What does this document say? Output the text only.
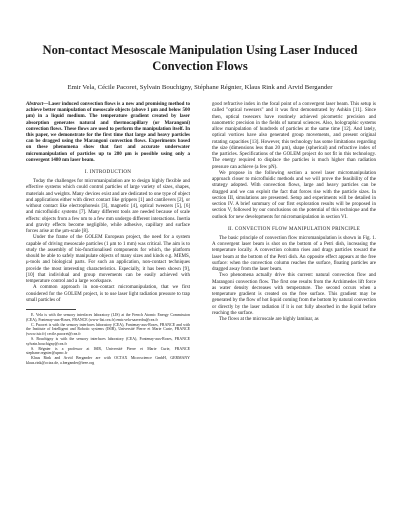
Non-contact Mesoscale Manipulation Using Laser Induced Convection Flows
Emir Vela, Cécile Pacoret, Sylvain Bouchigny, Stéphane Régnier, Klaus Rink and Arvid Bergander

Abstract—Laser induced convection flows is a new and promising method to achieve better manipulation of mesoscale objects (above 1 μm and below 500 μm) in a liquid medium. The temperature gradient created by laser absorption generates natural and thermocapillary (or Marangoni) convection flows. These flows are used to perform the manipulation itself. In this paper, we demonstrate for the first time that large and heavy particles can be dragged using the Marangoni convection flows. Experiments based on these phenomena show that fast and accurate underwater micromanipulation of particles up to 280 μm is possible using only a convergent 1480 nm laser beam.

I. INTRODUCTION

Today the challenges for micromanipulation are to design highly flexible and effective systems which could control particles of large variety of sizes, shapes, materials and weights. Many devices exist and are dedicated to one type of object and applications either with direct contact like grippers [1] and cantilevers [2], or without contact like electrophoresis [3], magnetic [4], optical tweezers [5], [6] and microfluidic systems [7]. Many different tools are needed because of scale effects: objects from a few nm to a few mm undergo different interactions. Inertia and gravity effects become negligible, while adhesive, capillary and surface forces arise at the μm-scale [8].

Under the frame of the GOLEM European project, the need for a system capable of driving mesoscale particles (1 μm to 1 mm) was critical. The aim is to study the assembly of bio-functionalised components for which, the platform should be able to safely manipulate objects of many sizes and kinds e.g. MEMS, μ-tools and biological parts. For such an application, non-contact techniques provide the most interesting characteristics. Especially, it has been shown [9], [10] that individual and group movements can be easily achieved with temperature control and a large workspace.

A common approach in non-contact micromanipulation, that we first considered for the GOLEM project, is to use laser light radiation pressure to trap small particles of

E. Vela is with the sensory interfaces laboratory (LIS) at the French Atomic Energy Commission (CEA), Fontenay-aux-Roses, FRANCE (www-list.cea.fr) emir.vela-saavedra@cea.fr

C. Pacoret is with the sensory interfaces laboratory (CEA), Fontenay-aux-Roses, FRANCE and with the Institute of Intelligent and Robotic systems (ISIR), Université Pierre et Marie Curie, FRANCE (www.isir.fr) cecile.pacoret@cea.fr

S. Bouchigny is with the sensory interfaces laboratory (CEA), Fontenay-aux-Roses, FRANCE sylvain.bouchigny@cea.fr

S. Régnier is a professor at ISIR, Université Pierre et Marie Curie, FRANCE stephane.regnier@upmc.fr

Klaus Rink and Arvid Bergander are with OCTAX Microscience GmbH, GERMANY klaus.rink@octax.de, a.bergander@ieee.org

good refractive index in the focal point of a convergent laser beam. This setup is called "optical tweezers" and it was first demonstrated by Ashkin [11]. Since then, optical tweezers have routinely achieved picometric precision and nanometric precision in the fields of natural sciences. Also, holographic systems allow manipulation of hundreds of particles at the same time [12]. And lately, optical vortices have also generated group movements, and present original rotating capacities [13]. However, this technology has some limitations regarding the size (dimensions less than 20 μm), shape (spherical) and refractive index of the particles. Specifications of the GOLEM project do not fit in this technology. The energy required to displace the particles is much higher than radiation pressure can achieve (a few pN).

We propose in the following section a novel laser micromanipulation approach closer to microfluidic methods and we will prove the feasibility of the strategy adopted. With convection flows, large and heavy particles can be dragged and we can exploit the fact that forces rise with the particle sizes. In section III, simulations are presented. Setup and experiments will be detailed in section IV. A brief summary of our first exploration results will be proposed in section V, followed by our conclusions on the potential of this technique and the outlook for new developments for micromanipulation in section VI.

II. CONVECTION FLOW MANIPULATION PRINCIPLE

The basic principle of convection flow micromanipulation is shown in Fig. 1. A convergent laser beam is shot on the bottom of a Petri dish, increasing the temperature locally. A convection column rises and drags particles toward the laser beam at the bottom of the Petri dish. An opposite effect appears at the free surface: when the convection column reaches the surface, floating particles are dragged away from the laser beam.

Two phenomena actually drive this current: natural convection flow and Marangoni convection flow. The first one results from the Archimedes lift force as water density decreases with temperature. The second occurs when a temperature gradient is created on the free surface. This gradient may be generated by the flow of hot liquid coming from the bottom by natural convection or directly by the laser radiation if it is not fully absorbed in the liquid before reaching the surface.

The flows at the microscale are highly laminar, as
